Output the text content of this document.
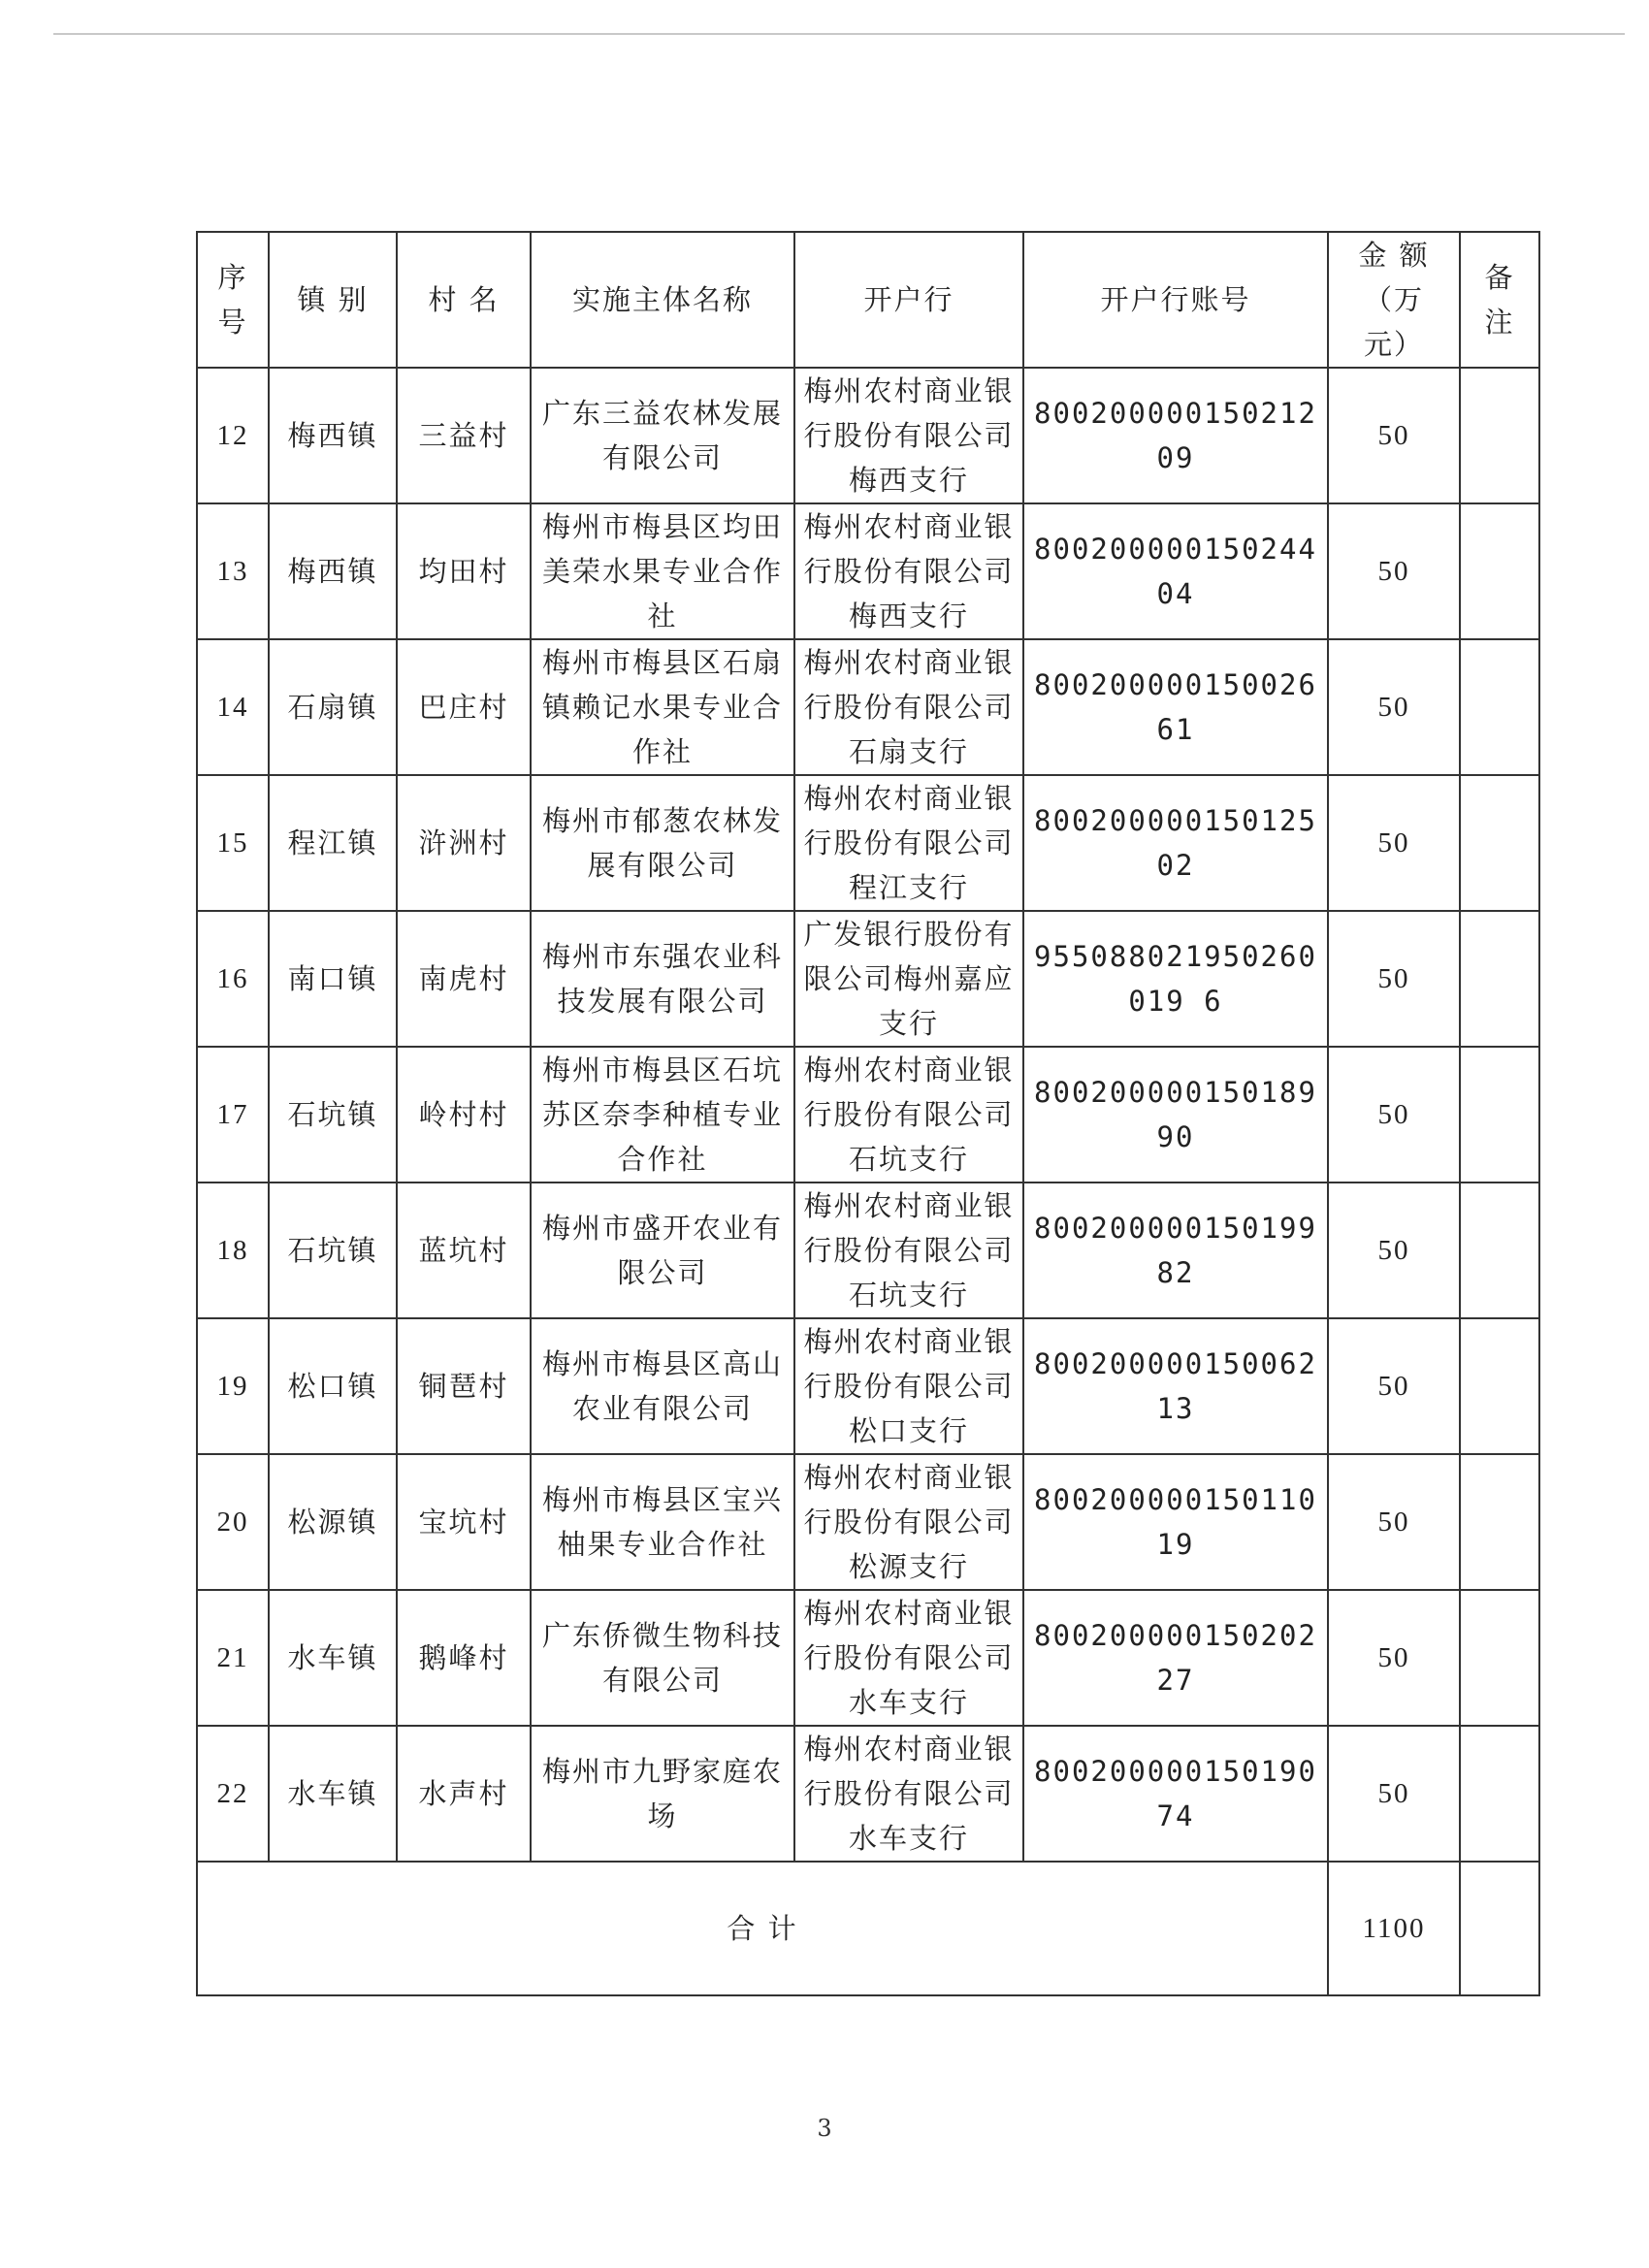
序号	镇 别	村 名	实施主体名称	开户行	开户行账号	金 额（万元）	备注
12	梅西镇	三益村	广东三益农林发展有限公司	梅州农村商业银行股份有限公司梅西支行	80020000015021209	50	
13	梅西镇	均田村	梅州市梅县区均田美荣水果专业合作社	梅州农村商业银行股份有限公司梅西支行	80020000015024404	50	
14	石扇镇	巴庄村	梅州市梅县区石扇镇赖记水果专业合作社	梅州农村商业银行股份有限公司石扇支行	80020000015002661	50	
15	程江镇	浒洲村	梅州市郁葱农林发展有限公司	梅州农村商业银行股份有限公司程江支行	80020000015012502	50	
16	南口镇	南虎村	梅州市东强农业科技发展有限公司	广发银行股份有限公司梅州嘉应支行	955088021950260019 6	50	
17	石坑镇	岭村村	梅州市梅县区石坑苏区奈李种植专业合作社	梅州农村商业银行股份有限公司石坑支行	80020000015018990	50	
18	石坑镇	蓝坑村	梅州市盛开农业有限公司	梅州农村商业银行股份有限公司石坑支行	80020000015019982	50	
19	松口镇	铜琶村	梅州市梅县区高山农业有限公司	梅州农村商业银行股份有限公司松口支行	80020000015006213	50	
20	松源镇	宝坑村	梅州市梅县区宝兴柚果专业合作社	梅州农村商业银行股份有限公司松源支行	80020000015011019	50	
21	水车镇	鹅峰村	广东侨微生物科技有限公司	梅州农村商业银行股份有限公司水车支行	80020000015020227	50	
22	水车镇	水声村	梅州市九野家庭农场	梅州农村商业银行股份有限公司水车支行	80020000015019074	50	
合 计						1100	
3
